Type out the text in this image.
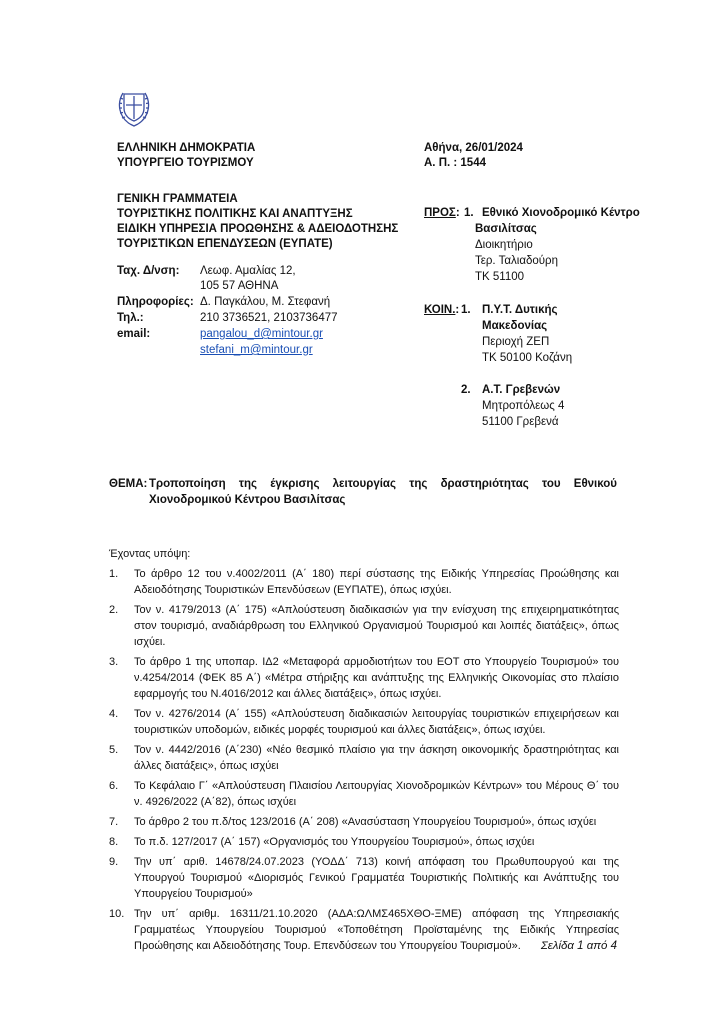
ΕΛΛΗΝΙΚΗ ΔΗΜΟΚΡΑΤΙΑ
ΥΠΟΥΡΓΕΙΟ ΤΟΥΡΙΣΜΟΥ
ΓΕΝΙΚΗ ΓΡΑΜΜΑΤΕΙΑ
ΤΟΥΡΙΣΤΙΚΗΣ ΠΟΛΙΤΙΚΗΣ ΚΑΙ ΑΝΑΠΤΥΞΗΣ
ΕΙΔΙΚΗ ΥΠΗΡΕΣΙΑ ΠΡΟΩΘΗΣΗΣ & ΑΔΕΙΟΔΟΤΗΣΗΣ
ΤΟΥΡΙΣΤΙΚΩΝ ΕΠΕΝΔΥΣΕΩΝ (ΕΥΠΑΤΕ)
Ταχ. Δ/νση: Λεωφ. Αμαλίας 12,
105 57 ΑΘΗΝΑ
Πληροφορίες: Δ. Παγκάλου, Μ. Στεφανή
Τηλ.:	210 3736521, 2103736477
email:	pangalou_d@mintour.gr
stefani_m@mintour.gr
Αθήνα, 26/01/2024
Α. Π. : 1544
ΠΡΟΣ: 1. Εθνικό Χιονοδρομικό Κέντρο
Βασιλίτσας
Διοικητήριο
Τερ. Ταλιαδούρη
ΤΚ 51100
ΚΟΙΝ.: 1. Π.Υ.Τ. Δυτικής
Μακεδονίας
Περιοχή ΖΕΠ
ΤΚ 50100 Κοζάνη
2. Α.Τ. Γρεβενών
Μητροπόλεως 4
51100 Γρεβενά
ΘΕΜΑ: Τροποποίηση της έγκρισης λειτουργίας της δραστηριότητας του Εθνικού Χιονοδρομικού Κέντρου Βασιλίτσας
Έχοντας υπόψη:
1. Το άρθρο 12 του ν.4002/2011 (Α΄ 180) περί σύστασης της Ειδικής Υπηρεσίας Προώθησης και Αδειοδότησης Τουριστικών Επενδύσεων (ΕΥΠΑΤΕ), όπως ισχύει.
2. Τον ν. 4179/2013 (Α΄ 175) «Απλούστευση διαδικασιών για την ενίσχυση της επιχειρηματικότητας στον τουρισμό, αναδιάρθρωση του Ελληνικού Οργανισμού Τουρισμού και λοιπές διατάξεις», όπως ισχύει.
3. Το άρθρο 1 της υποπαρ. ΙΔ2 «Μεταφορά αρμοδιοτήτων του ΕΟΤ στο Υπουργείο Τουρισμού» του ν.4254/2014 (ΦΕΚ 85 Α΄) «Μέτρα στήριξης και ανάπτυξης της Ελληνικής Οικονομίας στο πλαίσιο εφαρμογής του Ν.4016/2012 και άλλες διατάξεις», όπως ισχύει.
4. Τον ν. 4276/2014 (Α΄ 155) «Απλούστευση διαδικασιών λειτουργίας τουριστικών επιχειρήσεων και τουριστικών υποδομών, ειδικές μορφές τουρισμού και άλλες διατάξεις», όπως ισχύει.
5. Τον ν. 4442/2016 (Α΄230) «Νέο θεσμικό πλαίσιο για την άσκηση οικονομικής δραστηριότητας και άλλες διατάξεις», όπως ισχύει
6. Το Κεφάλαιο Γ΄ «Απλούστευση Πλαισίου Λειτουργίας Χιονοδρομικών Κέντρων» του Μέρους Θ΄ του ν. 4926/2022 (Α΄82), όπως ισχύει
7. Το άρθρο 2 του π.δ/τος 123/2016 (Α΄ 208) «Ανασύσταση Υπουργείου Τουρισμού», όπως ισχύει
8. Το π.δ. 127/2017 (Α΄ 157) «Οργανισμός του Υπουργείου Τουρισμού», όπως ισχύει
9. Την υπ΄ αριθ. 14678/24.07.2023 (ΥΟΔΔ΄ 713) κοινή απόφαση του Πρωθυπουργού και της Υπουργού Τουρισμού «Διορισμός Γενικού Γραμματέα Τουριστικής Πολιτικής και Ανάπτυξης του Υπουργείου Τουρισμού»
10. Την υπ΄ αριθμ. 16311/21.10.2020 (ΑΔΑ:ΩΛΜΣ465ΧΘΟ-ΞΜΕ) απόφαση της Υπηρεσιακής Γραμματέως Υπουργείου Τουρισμού «Τοποθέτηση Προϊσταμένης της Ειδικής Υπηρεσίας Προώθησης και Αδειοδότησης Τουρ. Επενδύσεων του Υπουργείου Τουρισμού».	Σελίδα 1 από 4
